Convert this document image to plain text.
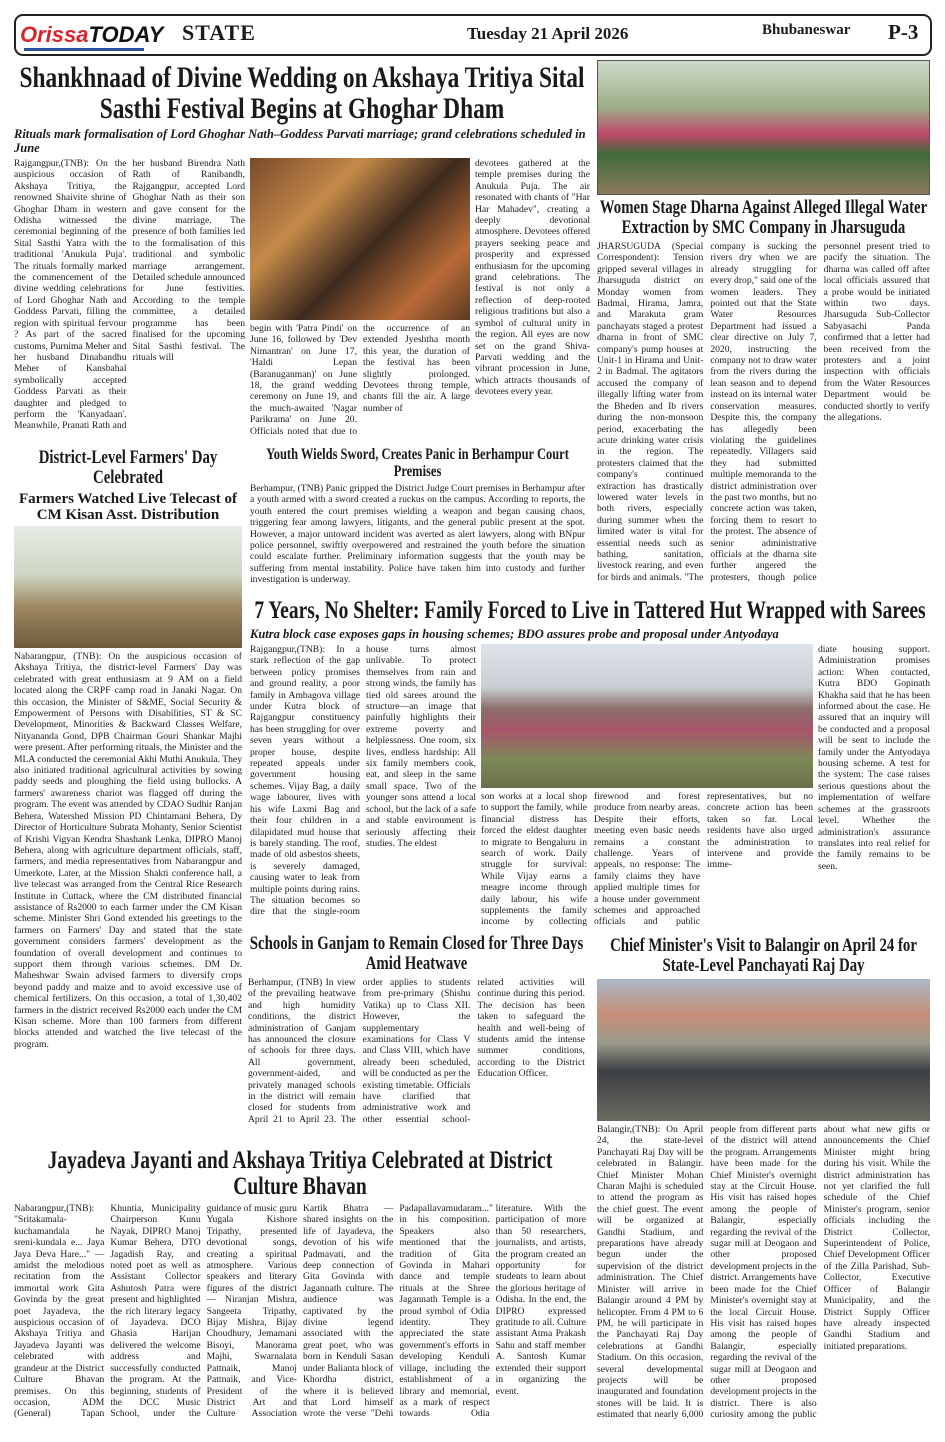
OrissaTODAY STATE	Tuesday 21 April 2026	Bhubaneswar P-3
Shankhnaad of Divine Wedding on Akshaya Tritiya Sital Sasthi Festival Begins at Ghoghar Dham
Rituals mark formalisation of Lord Ghoghar Nath–Goddess Parvati marriage; grand celebrations scheduled in June
Rajgangpur,(TNB): On the auspicious occasion of Akshaya Tritiya, the renowned Shaivite shrine of Ghoghar Dham in western Odisha witnessed the ceremonial beginning of the Sital Sasthi Yatra with the traditional 'Anukula Puja'. The rituals formally marked the commencement of the divine wedding celebrations of Lord Ghoghar Nath and Goddess Parvati, filling the region with spiritual fervour ? As part of the sacred customs, Purnima Meher and her husband Dinabandhu Meher of Kansbahal symbolically accepted Goddess Parvati as their daughter and pledged to perform the 'Kanyadaan'. Meanwhile, Pranati Rath and her husband Birendra Nath Rath of Ranibandh, Rajgangpur, accepted Lord Ghoghar Nath as their son and gave consent for the divine marriage. The presence of both families led to the formalisation of this traditional and symbolic marriage arrangement. Detailed schedule announced for June festivities. According to the temple committee, a detailed programme has been finalised for the upcoming Sital Sasthi festival. The rituals will
begin with 'Patra Pindi' on June 16, followed by 'Dev Nimantran' on June 17, 'Haldi Lepan (Baranuganman)' on June 18, the grand wedding ceremony on June 19, and the much-awaited 'Nagar Parikrama' on June 20. Officials noted that due to the occurrence of an extended Jyeshtha month this year, the duration of the festival has been slightly prolonged. Devotees throng temple, chants fill the air. A large number of
devotees gathered at the temple premises during the Anukula Puja. The air resonated with chants of "Har Har Mahadev", creating a deeply devotional atmosphere. Devotees offered prayers seeking peace and prosperity and expressed enthusiasm for the upcoming grand celebrations. The festival is not only a reflection of deep-rooted religious traditions but also a symbol of cultural unity in the region. All eyes are now set on the grand Shiva-Parvati wedding and the vibrant procession in June, which attracts thousands of devotees every year.
Women Stage Dharna Against Alleged Illegal Water Extraction by SMC Company in Jharsuguda
JHARSUGUDA (Special Correspondent): Tension gripped several villages in Jharsuguda district on Monday women from Badmal, Hirama, Jamra, and Marakuta gram panchayats staged a protest dharna in front of SMC company's pump houses at Unit-1 in Hirama and Unit-2 in Badmal. The agitators accused the company of illegally lifting water from the Bheden and Ib rivers during the non-monsoon period, exacerbating the acute drinking water crisis in the region. The protesters claimed that the company's continued extraction has drastically lowered water levels in both rivers, especially during summer when the limited water is vital for essential needs such as bathing, sanitation, livestock rearing, and even for birds and animals. "The company is sucking the rivers dry when we are already struggling for every drop," said one of the women leaders. They pointed out that the State Water Resources Department had issued a clear directive on July 7, 2020, instructing the company not to draw water from the rivers during the lean season and to depend instead on its internal water conservation measures. Despite this, the company has allegedly been violating the guidelines repeatedly. Villagers said they had submitted multiple memoranda to the district administration over the past two months, but no concrete action was taken, forcing them to resort to the protest. The absence of senior administrative officials at the dharna site further angered the protesters, though police personnel present tried to pacify the situation. The dharna was called off after local officials assured that a probe would be initiated within two days. Jharsuguda Sub-Collector Sabyasachi Panda confirmed that a letter had been received from the protesters and a joint inspection with officials from the Water Resources Department would be conducted shortly to verify the allegations.
District-Level Farmers' Day Celebrated
Farmers Watched Live Telecast of CM Kisan Asst. Distribution
Nabarangpur, (TNB): On the auspicious occasion of Akshaya Tritiya, the district-level Farmers' Day was celebrated with great enthusiasm at 9 AM on a field located along the CRPF camp road in Janaki Nagar. On this occasion, the Minister of S&ME, Social Security & Empowerment of Persons with Disabilities, ST & SC Development, Minorities & Backward Classes Welfare, Nityananda Gond, DPB Chairman Gouri Shankar Majhi were present. After performing rituals, the Minister and the MLA conducted the ceremonial Akhi Muthi Anukula. They also initiated traditional agricultural activities by sowing paddy seeds and ploughing the field using bullocks. A farmers' awareness chariot was flagged off during the program. The event was attended by CDAO Sudhir Ranjan Behera, Watershed Mission PD Chintamani Behera, Dy Director of Horticulture Subrata Mohanty, Senior Scientist of Krishi Vigyan Kendra Shashank Lenka, DIPRO Manoj Behera, along with agriculture department officials, staff, farmers, and media representatives from Nabarangpur and Umerkote. Later, at the Mission Shakti conference hall, a live telecast was arranged from the Central Rice Research Institute in Cuttack, where the CM distributed financial assistance of Rs2000 to each farmer under the CM Kisan scheme. Minister Shri Gond extended his greetings to the farmers on Farmers' Day and stated that the state government considers farmers' development as the foundation of overall development and continues to support them through various schemes. DM Dr. Maheshwar Swain advised farmers to diversify crops beyond paddy and maize and to avoid excessive use of chemical fertilizers. On this occasion, a total of 1,30,402 farmers in the district received Rs2000 each under the CM Kisan scheme. More than 100 farmers from different blocks attended and watched the live telecast of the program.
Youth Wields Sword, Creates Panic in Berhampur Court Premises
Berhampur, (TNB) Panic gripped the District Judge Court premises in Berhampur after a youth armed with a sword created a ruckus on the campus. According to reports, the youth entered the court premises wielding a weapon and began causing chaos, triggering fear among lawyers, litigants, and the general public present at the spot. However, a major untoward incident was averted as alert lawyers, along with BNpur police personnel, swiftly overpowered and restrained the youth before the situation could escalate further. Preliminary information suggests that the youth may be suffering from mental instability. Police have taken him into custody and further investigation is underway.
7 Years, No Shelter: Family Forced to Live in Tattered Hut Wrapped with Sarees
Kutra block case exposes gaps in housing schemes; BDO assures probe and proposal under Antyodaya
Rajgangpur,(TNB): In a stark reflection of the gap between policy promises and ground reality, a poor family in Ambagova village under Kutra block of Rajgangpur constituency has been struggling for over seven years without a proper house, despite repeated appeals under government housing schemes. Vijay Bag, a daily wage labourer, lives with his wife Laxmi Bag and their four children in a dilapidated mud house that is barely standing. The roof, made of old asbestos sheets, is severely damaged, causing water to leak from multiple points during rains. The situation becomes so dire that the single-room house turns almost unlivable. To protect themselves from rain and strong winds, the family has tied old sarees around the structure—an image that painfully highlights their extreme poverty and helplessness. One room, six lives, endless hardship: All six family members cook, eat, and sleep in the same small space. Two of the younger sons attend a local school, but the lack of a safe and stable environment is seriously affecting their studies. The eldest
son works at a local shop to support the family, while financial distress has forced the eldest daughter to migrate to Bengaluru in search of work. Daily struggle for survival: While Vijay earns a meagre income through daily labour, his wife supplements the family income by collecting firewood and forest produce from nearby areas. Despite their efforts, meeting even basic needs remains a constant challenge. Years of appeals, no response: The family claims they have applied multiple times for a house under government schemes and approached officials and public representatives, but no concrete action has been taken so far. Local residents have also urged the administration to intervene and provide imme-
diate housing support. Administration promises action: When contacted, Kutra BDO Gopinath Khakha said that he has been informed about the case. He assured that an inquiry will be conducted and a proposal will be sent to include the family under the Antyodaya housing scheme. A test for the system: The case raises serious questions about the implementation of welfare schemes at the grassroots level. Whether the administration's assurance translates into real relief for the family remains to be seen.
Schools in Ganjam to Remain Closed for Three Days Amid Heatwave
Berhampur, (TNB) In view of the prevailing heatwave and high humidity conditions, the district administration of Ganjam has announced the closure of schools for three days. All government, government-aided, and privately managed schools in the district will remain closed for students from April 21 to April 23. The order applies to students from pre-primary (Shishu Vatika) up to Class XII. However, the supplementary examinations for Class V and Class VIII, which have already been scheduled, will be conducted as per the existing timetable. Officials have clarified that administrative work and other essential school-related activities will continue during this period. The decision has been taken to safeguard the health and well-being of students amid the intense summer conditions, according to the District Education Officer.
Chief Minister's Visit to Balangir on April 24 for State-Level Panchayati Raj Day
Balangir,(TNB): On April 24, the state-level Panchayati Raj Day will be celebrated in Balangir. Chief Minister Mohan Charan Majhi is scheduled to attend the program as the chief guest. The event will be organized at Gandhi Stadium, and preparations have already begun under the supervision of the district administration. The Chief Minister will arrive in Balangir around 4 PM by helicopter. From 4 PM to 6 PM, he will participate in the Panchayati Raj Day celebrations at Gandhi Stadium. On this occasion, several developmental projects will be inaugurated and foundation stones will be laid. It is estimated that nearly 6,000 people from different parts of the district will attend the program. Arrangements have been made for the Chief Minister's overnight stay at the Circuit House. His visit has raised hopes among the people of Balangir, especially regarding the revival of the sugar mill at Deogaon and other proposed development projects in the district. Arrangements have been made for the Chief Minister's overnight stay at the local Circuit House. His visit has raised hopes among the people of Balangir, especially regarding the revival of the sugar mill at Deogaon and other proposed development projects in the district. There is also curiosity among the public about what new gifts or announcements the Chief Minister might bring during his visit. While the district administration has not yet clarified the full schedule of the Chief Minister's program, senior officials including the District Collector, Superintendent of Police, Chief Development Officer of the Zilla Parishad, Sub-Collector, Executive Officer of Balangir Municipality, and the District Supply Officer have already inspected Gandhi Stadium and initiated preparations.
Jayadeva Jayanti and Akshaya Tritiya Celebrated at District Culture Bhavan
Nabarangpur,(TNB): "Sritakamala-kuchamandala he sreni-kundala e... Jaya Jaya Deva Hare..." — amidst the melodious recitation from the immortal work Gita Govinda by the great poet Jayadeva, the auspicious occasion of Akshaya Tritiya and Jayadeva Jayanti was celebrated with grandeur at the District Culture Bhavan premises. On this occasion, ADM (General) Tapan Khuntia, Municipality Chairperson Kunu Nayak, DIPRO Manoj Kumar Behera, DTO Jagadish Ray, and noted poet as well as Assistant Collector Ashutosh Patra were present and highlighted the rich literary legacy of Jayadeva. DCO Ghasia Harijan delivered the welcome address and successfully conducted the program. At the beginning, students of the DCC Music School, under the guidance of music guru Yugala Kishore Tripathy, presented devotional songs, creating a spiritual atmosphere. Various speakers and literary figures of the district — Niranjan Mishra, Sangeeta Tripathy, Bijay Mishra, Bijay Choudhury, Jemamani Bisoyi, Manorama Majhi, Swarnalata Pattnaik, Manoj Pattnaik, and Vice-President of the District Art and Culture Association Kartik Bhatra — shared insights on the life of Jayadeva, the devotion of his wife Padmavati, and the deep connection of Gita Govinda with Jagannath culture. The audience was captivated by the divine legend associated with the great poet, who was born in Kenduli Sasan under Balianta block of Khordha district, where it is believed that Lord himself wrote the verse "Dehi Padapallavamudaram..." in his composition. Speakers also mentioned that the tradition of Gita Govinda in Mahari dance and temple rituals at the Shree Jagannath Temple is a proud symbol of Odia identity. They appreciated the state government's efforts in developing Kenduli village, including the establishment of a library and memorial, as a mark of respect towards Odia literature. With the participation of more than 50 researchers, journalists, and artists, the program created an opportunity for students to learn about the glorious heritage of Odisha. In the end, the DIPRO expressed gratitude to all. Culture assistant Atma Prakash Sahu and staff member A. Santosh Kumar extended their support in organizing the event.
